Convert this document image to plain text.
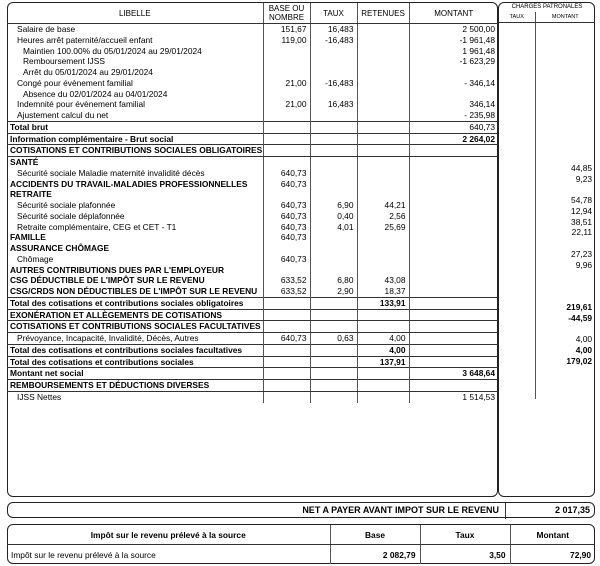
LIBELLE	BASE OU NOMBRE	TAUX	RETENUES	MONTANT
Salaire de base	151,67	16,483		2 500,00
Heures arrêt paternité/accueil enfant	119,00	-16,483		-1 961,48
Maintien 100.00% du 05/01/2024 au 29/01/2024				1 961,48
Remboursement IJSS				-1 623,29
Arrêt du 05/01/2024 au 29/01/2024				
Congé pour évènement familial	21,00	-16,483		- 346,14
Absence du 02/01/2024 au 04/01/2024				
Indemnité pour évènement familial	21,00	16,483		346,14
Ajustement calcul du net				- 235,98
Total brut				640,73
Information complémentaire - Brut social				2 264,02
COTISATIONS ET CONTRIBUTIONS SOCIALES OBLIGATOIRES				
SANTÉ				
Sécurité sociale Maladie maternité invalidité décès	640,73			
ACCIDENTS DU TRAVAIL-MALADIES PROFESSIONNELLES	640,73			
RETRAITE				
Sécurité sociale plafonnée	640,73	6,90	44,21	
Sécurité sociale déplafonnée	640,73	0,40	2,56	
Retraite complémentaire, CEG et CET - T1	640,73	4,01	25,69	
FAMILLE	640,73			
ASSURANCE CHÔMAGE				
Chômage	640,73			
AUTRES CONTRIBUTIONS DUES PAR L'EMPLOYEUR				
CSG DÉDUCTIBLE DE L'IMPÔT SUR LE REVENU	633,52	6,80	43,08	
CSG/CRDS NON DÉDUCTIBLES DE L'IMPÔT SUR LE REVENU	633,52	2,90	18,37	
Total des cotisations et contributions sociales obligatoires			133,91	
EXONÉRATION ET ALLÈGEMENTS DE COTISATIONS				
COTISATIONS ET CONTRIBUTIONS SOCIALES FACULTATIVES				
Prévoyance, Incapacité, Invalidité, Décès, Autres	640,73	0,63	4,00	
Total des cotisations et contributions sociales facultatives			4,00	
Total des cotisations et contributions sociales			137,91	
Montant net social				3 648,64
REMBOURSEMENTS ET DÉDUCTIONS DIVERSES				
IJSS Nettes				1 514,53
CHARGES PATRONALES	
TAUX	MONTANT

	44,85
	9,23

	54,78
	12,94
	38,51
	22,11

	27,23
	9,96

	219,61
	-44,59

	4,00
	4,00
	179,02

NET A PAYER AVANT IMPOT SUR LE REVENU	2 017,35
Impôt sur le revenu prélevé à la source	Base	Taux	Montant
Impôt sur le revenu prélevé à la source	2 082,79	3,50	72,90
